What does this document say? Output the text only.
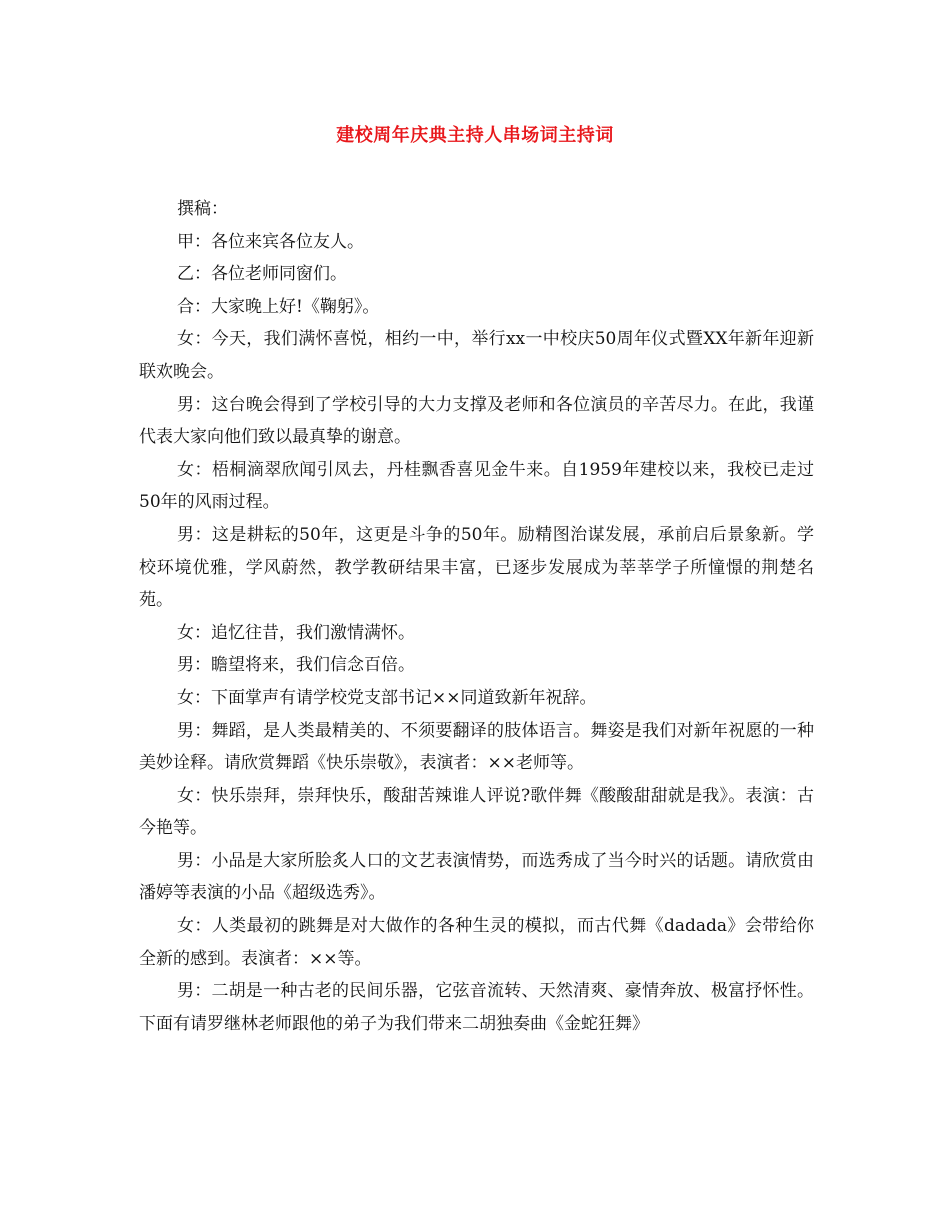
建校周年庆典主持人串场词主持词

撰稿：

甲：各位来宾各位友人。

乙：各位老师同窗们。

合：大家晚上好!《鞠躬》。

女：今天，我们满怀喜悦，相约一中，举行xx一中校庆50周年仪式暨XX年新年迎新联欢晚会。

男：这台晚会得到了学校引导的大力支撑及老师和各位演员的辛苦尽力。在此，我谨代表大家向他们致以最真挚的谢意。

女：梧桐滴翠欣闻引凤去，丹桂飘香喜见金牛来。自1959年建校以来，我校已走过50年的风雨过程。

男：这是耕耘的50年，这更是斗争的50年。励精图治谋发展，承前启后景象新。学校环境优雅，学风蔚然，教学教研结果丰富，已逐步发展成为莘莘学子所憧憬的荆楚名苑。

女：追忆往昔，我们激情满怀。

男：瞻望将来，我们信念百倍。

女：下面掌声有请学校党支部书记××同道致新年祝辞。

男：舞蹈，是人类最精美的、不须要翻译的肢体语言。舞姿是我们对新年祝愿的一种美妙诠释。请欣赏舞蹈《快乐崇敬》，表演者：××老师等。

女：快乐崇拜，崇拜快乐，酸甜苦辣谁人评说?歌伴舞《酸酸甜甜就是我》。表演：古今艳等。

男：小品是大家所脍炙人口的文艺表演情势，而选秀成了当今时兴的话题。请欣赏由潘婷等表演的小品《超级选秀》。

女：人类最初的跳舞是对大做作的各种生灵的模拟，而古代舞《dadada》会带给你全新的感到。表演者：××等。

男：二胡是一种古老的民间乐器，它弦音流转、天然清爽、豪情奔放、极富抒怀性。下面有请罗继林老师跟他的弟子为我们带来二胡独奏曲《金蛇狂舞》
